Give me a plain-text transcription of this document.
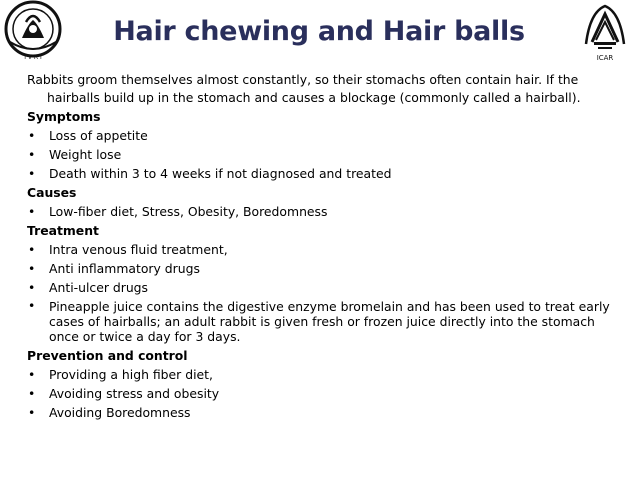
I V R I	ICAR
Hair chewing and Hair balls

Rabbits groom themselves almost constantly, so their stomachs often contain hair. If the hairballs build up in the stomach and causes a blockage (commonly called a hairball).

Symptoms
• Loss of appetite
• Weight lose
• Death within 3 to 4 weeks if not diagnosed and treated
Causes
• Low-fiber diet, Stress, Obesity, Boredomness
Treatment
• Intra venous fluid treatment,
• Anti inflammatory drugs
• Anti-ulcer drugs
• Pineapple juice contains the digestive enzyme bromelain and has been used to treat early cases of hairballs; an adult rabbit is given fresh or frozen juice directly into the stomach once or twice a day for 3 days.
Prevention and control
• Providing a high fiber diet,
• Avoiding stress and obesity
• Avoiding Boredomness
